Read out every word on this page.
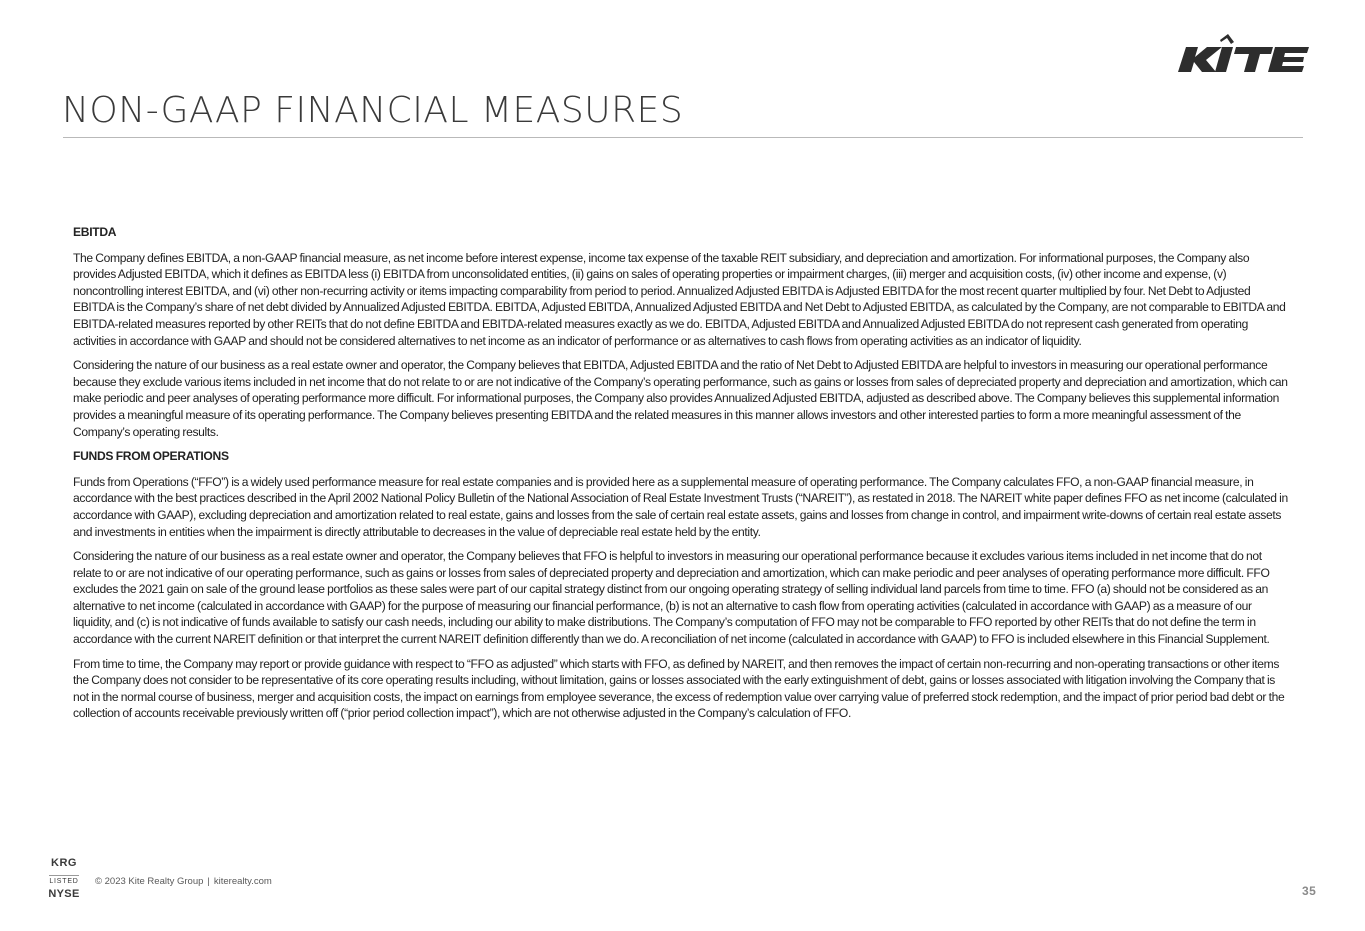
NON-GAAP FINANCIAL MEASURES
EBITDA

The Company defines EBITDA, a non-GAAP financial measure, as net income before interest expense, income tax expense of the taxable REIT subsidiary, and depreciation and amortization. For informational purposes, the Company also provides Adjusted EBITDA, which it defines as EBITDA less (i) EBITDA from unconsolidated entities, (ii) gains on sales of operating properties or impairment charges, (iii) merger and acquisition costs, (iv) other income and expense, (v) noncontrolling interest EBITDA, and (vi) other non-recurring activity or items impacting comparability from period to period. Annualized Adjusted EBITDA is Adjusted EBITDA for the most recent quarter multiplied by four. Net Debt to Adjusted EBITDA is the Company’s share of net debt divided by Annualized Adjusted EBITDA. EBITDA, Adjusted EBITDA, Annualized Adjusted EBITDA and Net Debt to Adjusted EBITDA, as calculated by the Company, are not comparable to EBITDA and EBITDA-related measures reported by other REITs that do not define EBITDA and EBITDA-related measures exactly as we do. EBITDA, Adjusted EBITDA and Annualized Adjusted EBITDA do not represent cash generated from operating activities in accordance with GAAP and should not be considered alternatives to net income as an indicator of performance or as alternatives to cash flows from operating activities as an indicator of liquidity.

Considering the nature of our business as a real estate owner and operator, the Company believes that EBITDA, Adjusted EBITDA and the ratio of Net Debt to Adjusted EBITDA are helpful to investors in measuring our operational performance because they exclude various items included in net income that do not relate to or are not indicative of the Company’s operating performance, such as gains or losses from sales of depreciated property and depreciation and amortization, which can make periodic and peer analyses of operating performance more difficult. For informational purposes, the Company also provides Annualized Adjusted EBITDA, adjusted as described above. The Company believes this supplemental information provides a meaningful measure of its operating performance. The Company believes presenting EBITDA and the related measures in this manner allows investors and other interested parties to form a more meaningful assessment of the Company’s operating results.

FUNDS FROM OPERATIONS

Funds from Operations (“FFO”) is a widely used performance measure for real estate companies and is provided here as a supplemental measure of operating performance. The Company calculates FFO, a non-GAAP financial measure, in accordance with the best practices described in the April 2002 National Policy Bulletin of the National Association of Real Estate Investment Trusts (“NAREIT”), as restated in 2018. The NAREIT white paper defines FFO as net income (calculated in accordance with GAAP), excluding depreciation and amortization related to real estate, gains and losses from the sale of certain real estate assets, gains and losses from change in control, and impairment write-downs of certain real estate assets and investments in entities when the impairment is directly attributable to decreases in the value of depreciable real estate held by the entity.

Considering the nature of our business as a real estate owner and operator, the Company believes that FFO is helpful to investors in measuring our operational performance because it excludes various items included in net income that do not relate to or are not indicative of our operating performance, such as gains or losses from sales of depreciated property and depreciation and amortization, which can make periodic and peer analyses of operating performance more difficult. FFO excludes the 2021 gain on sale of the ground lease portfolios as these sales were part of our capital strategy distinct from our ongoing operating strategy of selling individual land parcels from time to time. FFO (a) should not be considered as an alternative to net income (calculated in accordance with GAAP) for the purpose of measuring our financial performance, (b) is not an alternative to cash flow from operating activities (calculated in accordance with GAAP) as a measure of our liquidity, and (c) is not indicative of funds available to satisfy our cash needs, including our ability to make distributions. The Company’s computation of FFO may not be comparable to FFO reported by other REITs that do not define the term in accordance with the current NAREIT definition or that interpret the current NAREIT definition differently than we do. A reconciliation of net income (calculated in accordance with GAAP) to FFO is included elsewhere in this Financial Supplement.

From time to time, the Company may report or provide guidance with respect to “FFO as adjusted” which starts with FFO, as defined by NAREIT, and then removes the impact of certain non-recurring and non-operating transactions or other items the Company does not consider to be representative of its core operating results including, without limitation, gains or losses associated with the early extinguishment of debt, gains or losses associated with litigation involving the Company that is not in the normal course of business, merger and acquisition costs, the impact on earnings from employee severance, the excess of redemption value over carrying value of preferred stock redemption, and the impact of prior period bad debt or the collection of accounts receivable previously written off (“prior period collection impact”), which are not otherwise adjusted in the Company’s calculation of FFO.

KRG
LISTED
NYSE
© 2023 Kite Realty Group | kiterealty.com
35
